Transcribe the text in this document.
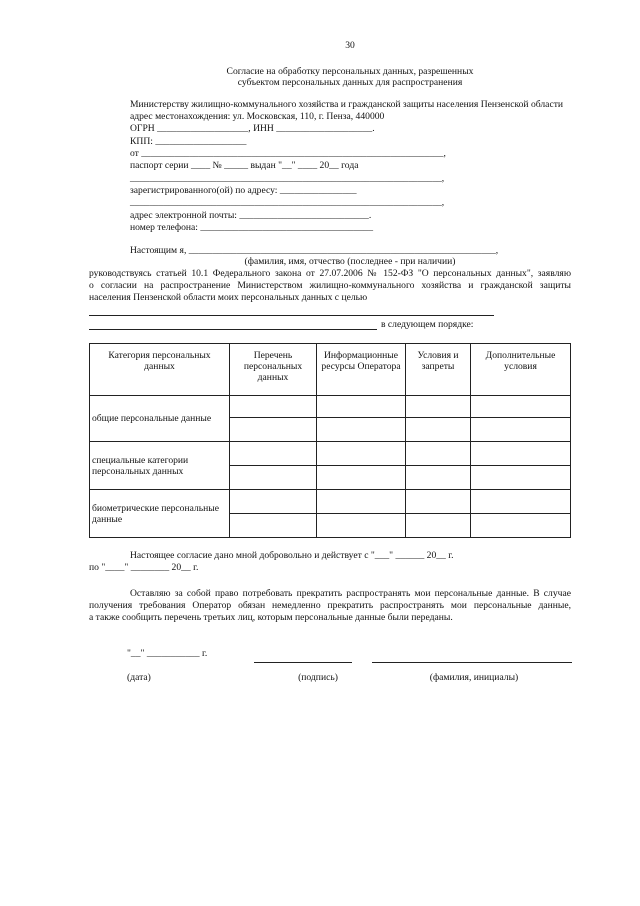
30
Согласие на обработку персональных данных, разрешенных
субъектом персональных данных для распространения
Министерству жилищно-коммунального хозяйства и гражданской защиты населения Пензенской области
адрес местонахождения: ул. Московская, 110, г. Пенза, 440000
ОГРН ___________________, ИНН ____________________.
КПП: ___________________
от _______________________________________________________________,
паспорт серии ____ № _____ выдан "__" ____ 20__ года
_________________________________________________________________,
зарегистрированного(ой) по адресу: ________________
_________________________________________________________________,
адрес электронной почты: ___________________________.
номер телефона: ____________________________________
Настоящим я, ________________________________________________________________,
(фамилия, имя, отчество (последнее - при наличии)
руководствуясь статьей 10.1 Федерального закона от 27.07.2006 № 152-ФЗ "О персональных данных", заявляю
о согласии на распространение Министерством жилищно-коммунального хозяйства и гражданской защиты
населения Пензенской области моих персональных данных с целью
в следующем порядке:
Категория персональных данных	Перечень персональных данных	Информационные ресурсы Оператора	Условия и запреты	Дополнительные условия
общие персональные данные				

специальные категории персональных данных				

биометрические персональные данные				

Настоящее согласие дано мной добровольно и действует с "___" ______ 20__ г.
по "____" ________ 20__ г.
Оставляю за собой право потребовать прекратить распространять мои персональные данные. В случае
получения требования Оператор обязан немедленно прекратить распространять мои персональные данные,
а также сообщить перечень третьих лиц, которым персональные данные были переданы.
"__" ___________ г.
(дата)	(подпись)	(фамилия, инициалы)
